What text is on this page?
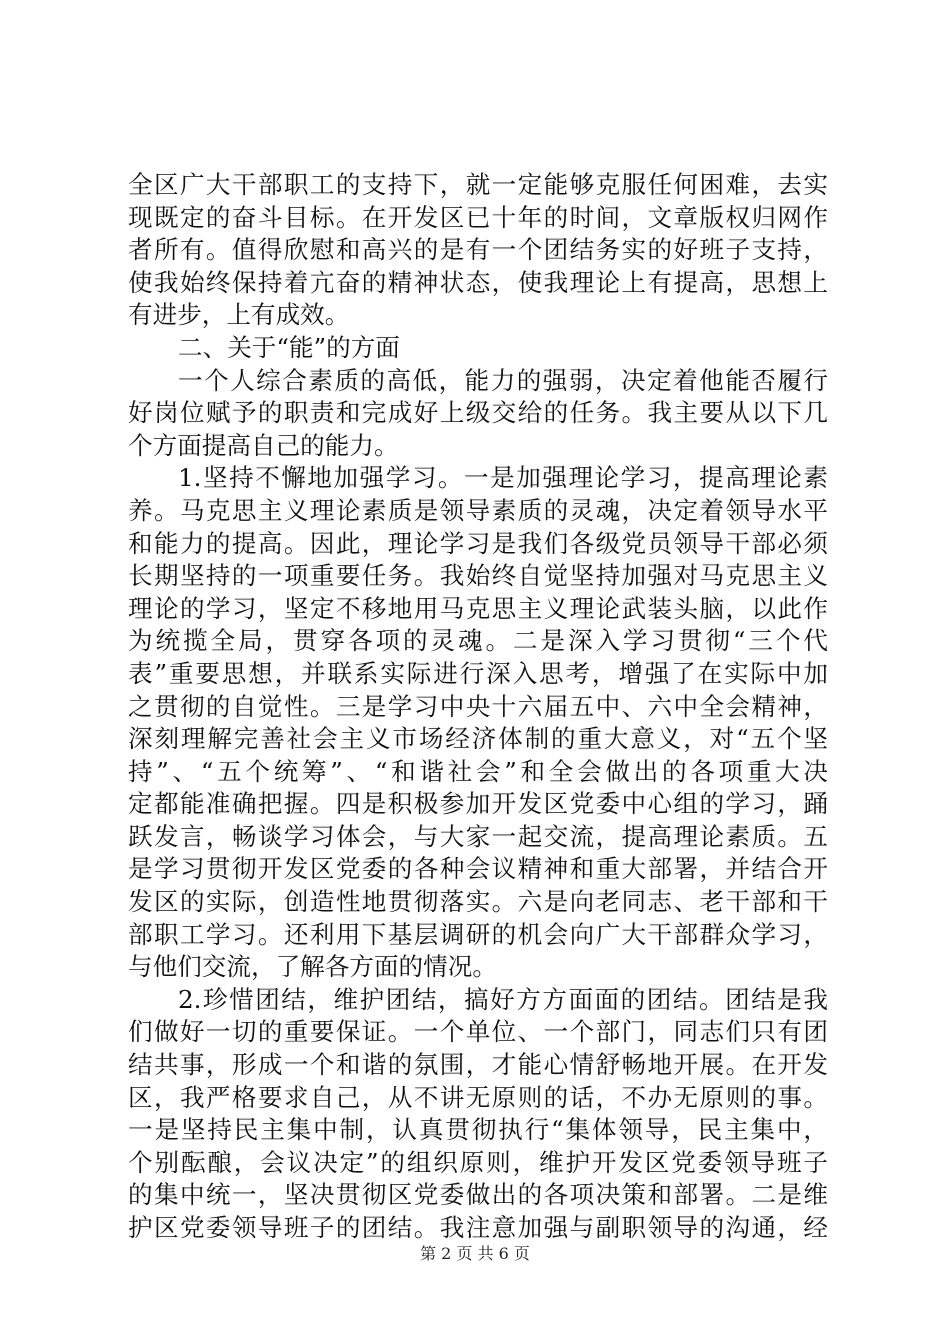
全区广大干部职工的支持下，就一定能够克服任何困难，去实
现既定的奋斗目标。在开发区已十年的时间，文章版权归网作
者所有。值得欣慰和高兴的是有一个团结务实的好班子支持，
使我始终保持着亢奋的精神状态，使我理论上有提高，思想上
有进步，上有成效。
二、关于“能”的方面
一个人综合素质的高低，能力的强弱，决定着他能否履行
好岗位赋予的职责和完成好上级交给的任务。我主要从以下几
个方面提高自己的能力。
1.坚持不懈地加强学习。一是加强理论学习，提高理论素
养。马克思主义理论素质是领导素质的灵魂，决定着领导水平
和能力的提高。因此，理论学习是我们各级党员领导干部必须
长期坚持的一项重要任务。我始终自觉坚持加强对马克思主义
理论的学习，坚定不移地用马克思主义理论武装头脑，以此作
为统揽全局，贯穿各项的灵魂。二是深入学习贯彻“三个代
表”重要思想，并联系实际进行深入思考，增强了在实际中加
之贯彻的自觉性。三是学习中央十六届五中、六中全会精神，
深刻理解完善社会主义市场经济体制的重大意义，对“五个坚
持”、“五个统筹”、“和谐社会”和全会做出的各项重大决
定都能准确把握。四是积极参加开发区党委中心组的学习，踊
跃发言，畅谈学习体会，与大家一起交流，提高理论素质。五
是学习贯彻开发区党委的各种会议精神和重大部署，并结合开
发区的实际，创造性地贯彻落实。六是向老同志、老干部和干
部职工学习。还利用下基层调研的机会向广大干部群众学习，
与他们交流，了解各方面的情况。
2.珍惜团结，维护团结，搞好方方面面的团结。团结是我
们做好一切的重要保证。一个单位、一个部门，同志们只有团
结共事，形成一个和谐的氛围，才能心情舒畅地开展。在开发
区，我严格要求自己，从不讲无原则的话，不办无原则的事。
一是坚持民主集中制，认真贯彻执行“集体领导，民主集中，
个别酝酿，会议决定”的组织原则，维护开发区党委领导班子
的集中统一，坚决贯彻区党委做出的各项决策和部署。二是维
护区党委领导班子的团结。我注意加强与副职领导的沟通，经
第 2 页 共 6 页
